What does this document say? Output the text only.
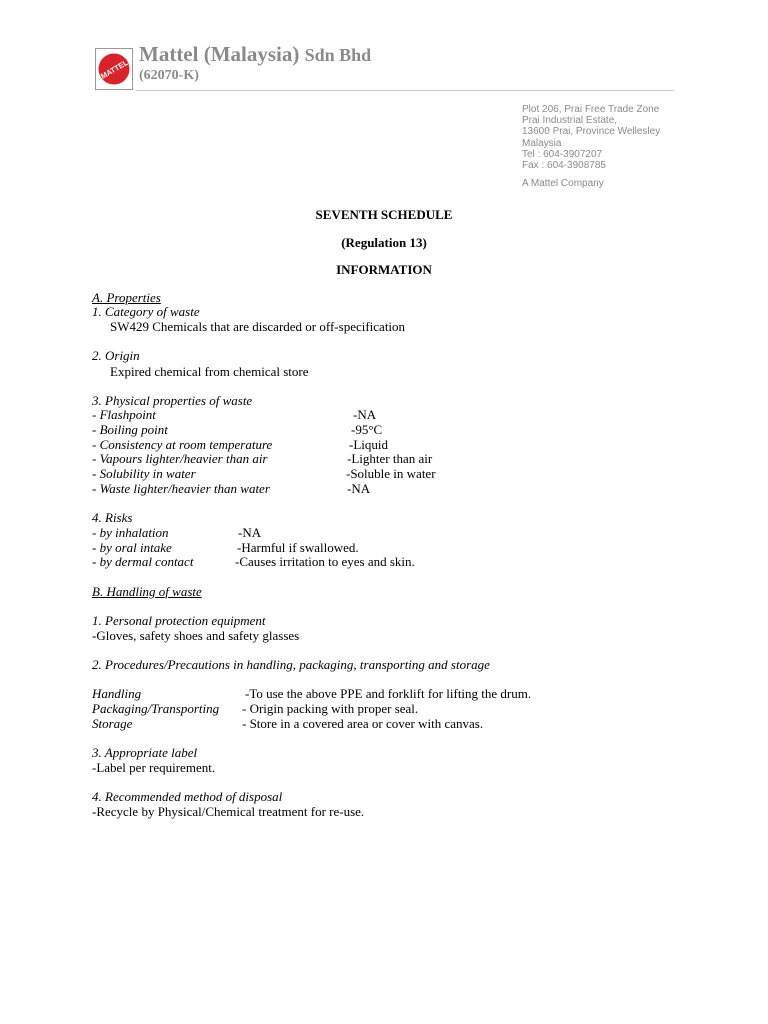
MATTEL
Mattel (Malaysia) Sdn Bhd
(62070-K)
Plot 206, Prai Free Trade Zone
Prai Industrial Estate,
13600 Prai, Province Wellesley
Malaysia
Tel : 604-3907207
Fax : 604-3908785
A Mattel Company
SEVENTH SCHEDULE
(Regulation 13)
INFORMATION
A. Properties
1. Category of waste
SW429 Chemicals that are discarded or off-specification
2. Origin
Expired chemical from chemical store
3. Physical properties of waste
- Flashpoint	-NA
- Boiling point	-95°C
- Consistency at room temperature	-Liquid
- Vapours lighter/heavier than air	-Lighter than air
- Solubility in water	-Soluble in water
- Waste lighter/heavier than water	-NA
4. Risks
- by inhalation	-NA
- by oral intake	-Harmful if swallowed.
- by dermal contact	-Causes irritation to eyes and skin.
B. Handling of waste
1. Personal protection equipment
-Gloves, safety shoes and safety glasses
2. Procedures/Precautions in handling, packaging, transporting and storage
Handling	-To use the above PPE and forklift for lifting the drum.
Packaging/Transporting - Origin packing with proper seal.
Storage	- Store in a covered area or cover with canvas.
3. Appropriate label
-Label per requirement.
4. Recommended method of disposal
-Recycle by Physical/Chemical treatment for re-use.
